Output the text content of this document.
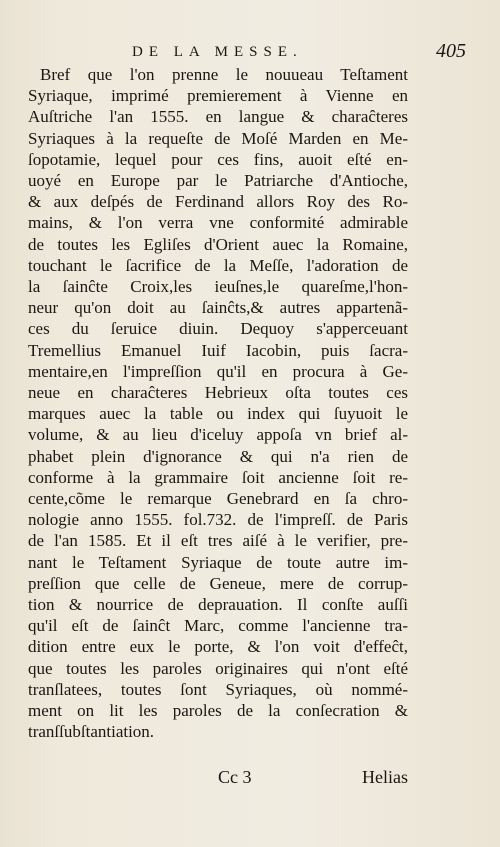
DE LA MESSE.	405
Bref que l'on prenne le nouueau Teſtament
Syriaque, imprimé premierement à Vienne en
Auſtriche l'an 1555. en langue & charaĉteres
Syriaques à la requeſte de Moſé Marden en Me-
ſopotamie, lequel pour ces fins, auoit eſté en-
uoyé en Europe par le Patriarche d'Antioche,
& aux deſpés de Ferdinand allors Roy des Ro-
mains, & l'on verra vne conformité admirable
de toutes les Egliſes d'Orient auec la Romaine,
touchant le ſacrifice de la Meſſe, l'adoration de
la ſainĉte Croix,les ieuſnes,le quareſme,l'hon-
neur qu'on doit au ſainĉts,& autres appartenã-
ces du ſeruice diuin. Dequoy s'apperceuant
Tremellius Emanuel Iuif Iacobin, puis ſacra-
mentaire,en l'impreſſion qu'il en procura à Ge-
neue en charaĉteres Hebrieux oſta toutes ces
marques auec la table ou index qui ſuyuoit le
volume, & au lieu d'iceluy appoſa vn brief al-
phabet plein d'ignorance & qui n'a rien de
conforme à la grammaire ſoit ancienne ſoit re-
cente,cõme le remarque Genebrard en ſa chro-
nologie anno 1555. fol.732. de l'impreſſ. de Paris
de l'an 1585. Et il eſt tres aiſé à le verifier, pre-
nant le Teſtament Syriaque de toute autre im-
preſſion que celle de Geneue, mere de corrup-
tion & nourrice de deprauation. Il conſte auſſi
qu'il eſt de ſainĉt Marc, comme l'ancienne tra-
dition entre eux le porte, & l'on voit d'effeĉt,
que toutes les paroles originaires qui n'ont eſté
tranſlatees, toutes ſont Syriaques, où nommé-
ment on lit les paroles de la conſecration &
tranſſubſtantiation.
Cc 3	Helias
